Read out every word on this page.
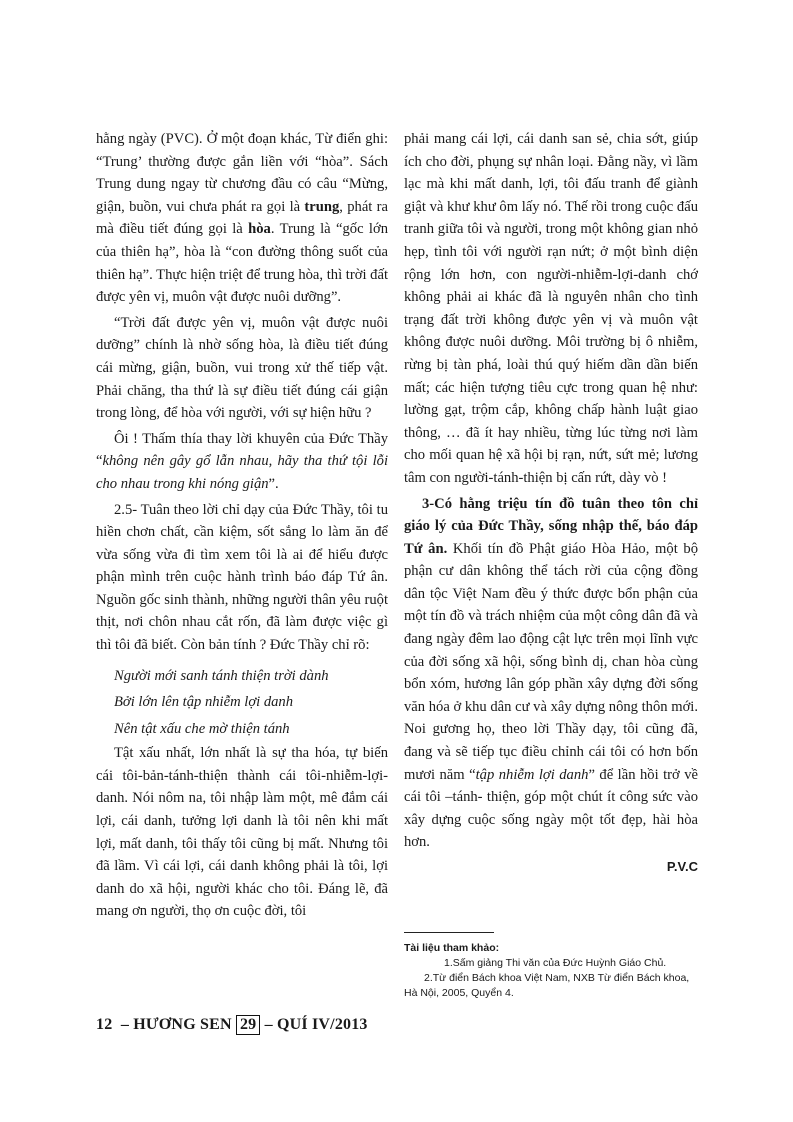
hằng ngày (PVC). Ở một đoạn khác, Từ điển ghi: “Trung’ thường được gắn liền với “hòa”. Sách Trung dung ngay từ chương đầu có câu “Mừng, giận, buồn, vui chưa phát ra gọi là trung, phát ra mà điều tiết đúng gọi là hòa. Trung là “gốc lớn của thiên hạ”, hòa là “con đường thông suốt của thiên hạ”. Thực hiện triệt để trung hòa, thì trời đất được yên vị, muôn vật được nuôi dưỡng”.

“Trời đất được yên vị, muôn vật được nuôi dưỡng” chính là nhờ sống hòa, là điều tiết đúng cái mừng, giận, buồn, vui trong xử thế tiếp vật. Phải chăng, tha thứ là sự điều tiết đúng cái giận trong lòng, để hòa với người, với sự hiện hữu ?

Ôi ! Thấm thía thay lời khuyên của Đức Thầy “không nên gây gổ lẫn nhau, hãy tha thứ tội lỗi cho nhau trong khi nóng giận”.

2.5- Tuân theo lời chỉ dạy của Đức Thầy, tôi tu hiền chơn chất, cần kiệm, sốt sắng lo làm ăn để vừa sống vừa đi tìm xem tôi là ai để hiểu được phận mình trên cuộc hành trình báo đáp Tứ ân. Nguồn gốc sinh thành, những người thân yêu ruột thịt, nơi chôn nhau cắt rốn, đã làm được việc gì thì tôi đã biết. Còn bản tính ? Đức Thầy chỉ rõ:

Người mới sanh tánh thiện trời dành
Bởi lớn lên tập nhiễm lợi danh
Nên tật xấu che mờ thiện tánh

Tật xấu nhất, lớn nhất là sự tha hóa, tự biến cái tôi-bản-tánh-thiện thành cái tôi-nhiễm-lợi-danh. Nói nôm na, tôi nhập làm một, mê đắm cái lợi, cái danh, tưởng lợi danh là tôi nên khi mất lợi, mất danh, tôi thấy tôi cũng bị mất. Nhưng tôi đã lầm. Vì cái lợi, cái danh không phải là tôi, lợi danh do xã hội, người khác cho tôi. Đáng lẽ, đã mang ơn người, thọ ơn cuộc đời, tôi

phải mang cái lợi, cái danh san sẻ, chia sớt, giúp ích cho đời, phụng sự nhân loại. Đằng nầy, vì lầm lạc mà khi mất danh, lợi, tôi đấu tranh để giành giật và khư khư ôm lấy nó. Thế rồi trong cuộc đấu tranh giữa tôi và người, trong một không gian nhỏ hẹp, tình tôi với người rạn nứt; ở một bình diện rộng lớn hơn, con người-nhiễm-lợi-danh chớ không phải ai khác đã là nguyên nhân cho tình trạng đất trời không được yên vị và muôn vật không được nuôi dưỡng. Môi trường bị ô nhiễm, rừng bị tàn phá, loài thú quý hiếm dần dần biến mất; các hiện tượng tiêu cực trong quan hệ như: lường gạt, trộm cắp, không chấp hành luật giao thông, … đã ít hay nhiều, từng lúc từng nơi làm cho mối quan hệ xã hội bị rạn, nứt, sứt mẻ; lương tâm con người-tánh-thiện bị cấn rứt, dày vò !

3-Có hằng triệu tín đồ tuân theo tôn chỉ giáo lý của Đức Thầy, sống nhập thế, báo đáp Tứ ân. Khối tín đồ Phật giáo Hòa Hảo, một bộ phận cư dân không thể tách rời của cộng đồng dân tộc Việt Nam đều ý thức được bổn phận của một tín đồ và trách nhiệm của một công dân đã và đang ngày đêm lao động cật lực trên mọi lĩnh vực của đời sống xã hội, sống bình dị, chan hòa cùng bổn xóm, hương lân góp phần xây dựng đời sống văn hóa ở khu dân cư và xây dựng nông thôn mới. Noi gương họ, theo lời Thầy dạy, tôi cũng đã, đang và sẽ tiếp tục điều chỉnh cái tôi có hơn bốn mươi năm “tập nhiễm lợi danh” để lần hồi trở về cái tôi –tánh- thiện, góp một chút ít công sức vào xây dựng cuộc sống ngày một tốt đẹp, hài hòa hơn.

P.V.C
Tài liệu tham khảo:
1.Sấm giảng Thi văn của Đức Huỳnh Giáo Chủ.
2.Từ điển Bách khoa Việt Nam, NXB Từ điển Bách khoa, Hà Nội, 2005, Quyển 4.
12 – HƯƠNG SEN 29 – QUÍ IV/2013
